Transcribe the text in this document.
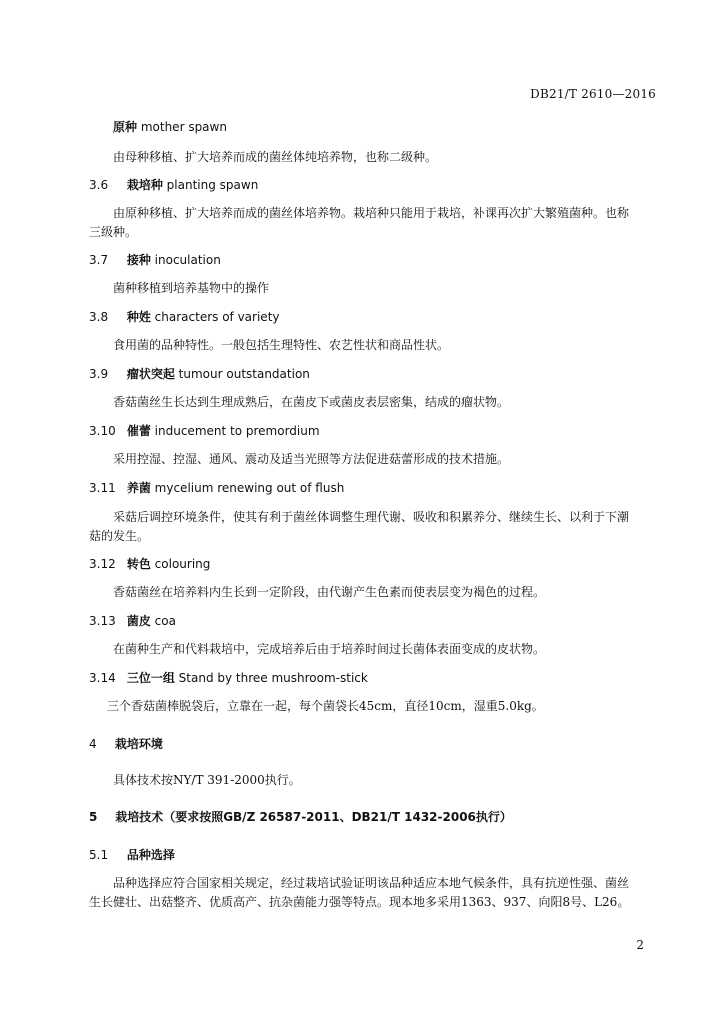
DB21/T 2610—2016
原种 mother spawn
由母种移植、扩大培养而成的菌丝体纯培养物，也称二级种。
3.6 栽培种 planting spawn
由原种移植、扩大培养而成的菌丝体培养物。栽培种只能用于栽培，补课再次扩大繁殖菌种。也称
三级种。
3.7 接种 inoculation
菌种移植到培养基物中的操作
3.8 种姓 characters of variety
食用菌的品种特性。一般包括生理特性、农艺性状和商品性状。
3.9 瘤状突起 tumour outstandation
香菇菌丝生长达到生理成熟后，在菌皮下或菌皮表层密集，结成的瘤状物。
3.10 催蕾 inducement to premordium
采用控湿、控湿、通风、震动及适当光照等方法促进菇蕾形成的技术措施。
3.11 养菌 mycelium renewing out of flush
采菇后调控环境条件，使其有利于菌丝体调整生理代谢、吸收和积累养分、继续生长、以利于下潮
菇的发生。
3.12 转色 colouring
香菇菌丝在培养料内生长到一定阶段，由代谢产生色素而使表层变为褐色的过程。
3.13 菌皮 coa
在菌种生产和代料栽培中，完成培养后由于培养时间过长菌体表面变成的皮状物。
3.14 三位一组 Stand by three mushroom-stick
三个香菇菌棒脱袋后，立靠在一起，每个菌袋长45cm，直径10cm，湿重5.0kg。
4 栽培环境
具体技术按NY/T 391-2000执行。
5 栽培技术（要求按照GB/Z 26587-2011、DB21/T 1432-2006执行）
5.1 品种选择
品种选择应符合国家相关规定，经过栽培试验证明该品种适应本地气候条件，具有抗逆性强、菌丝
生长健壮、出菇整齐、优质高产、抗杂菌能力强等特点。现本地多采用1363、937、向阳8号、L26。
2
